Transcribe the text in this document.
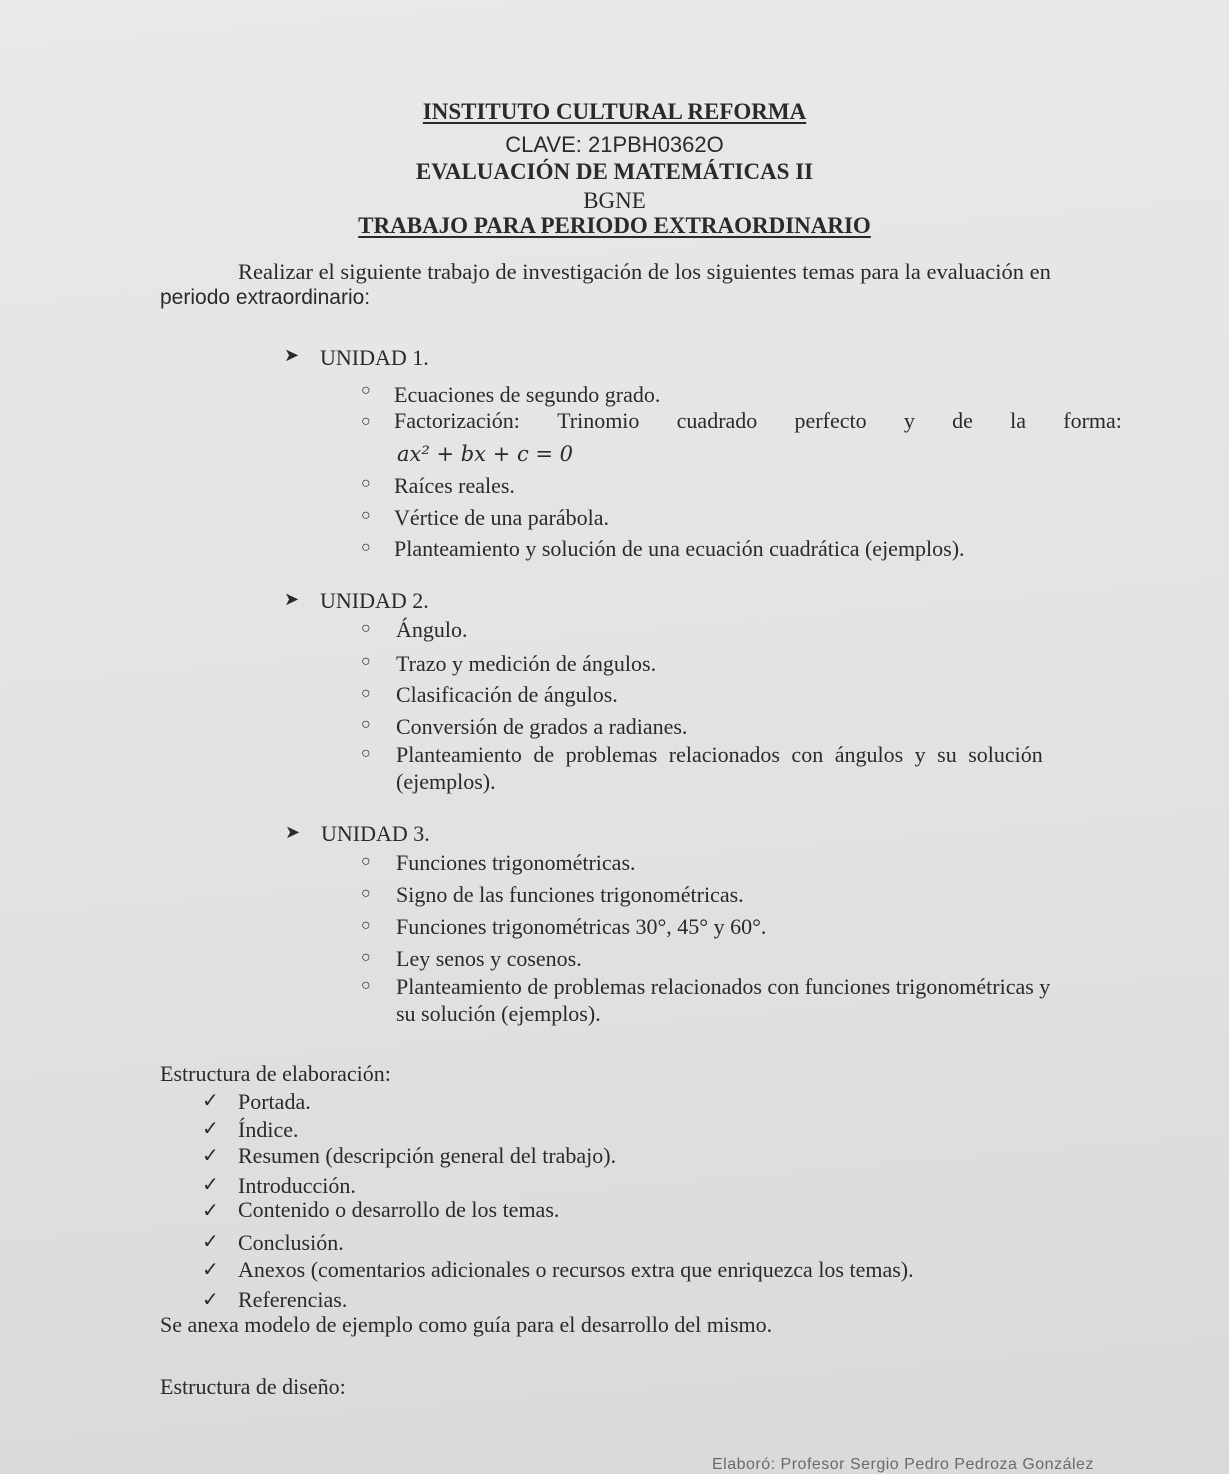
INSTITUTO CULTURAL REFORMA
CLAVE: 21PBH0362O
EVALUACIÓN DE MATEMÁTICAS II
BGNE
TRABAJO PARA PERIODO EXTRAORDINARIO
Realizar el siguiente trabajo de investigación de los siguientes temas para la evaluación en
periodo extraordinario:
➤ UNIDAD 1.
○ Ecuaciones de segundo grado.
○ Factorización: Trinomio cuadrado perfecto y de la forma:
ax² + bx + c = 0
○ Raíces reales.
○ Vértice de una parábola.
○ Planteamiento y solución de una ecuación cuadrática (ejemplos).
➤ UNIDAD 2.
○ Ángulo.
○ Trazo y medición de ángulos.
○ Clasificación de ángulos.
○ Conversión de grados a radianes.
○ Planteamiento de problemas relacionados con ángulos y su solución
(ejemplos).
➤ UNIDAD 3.
○ Funciones trigonométricas.
○ Signo de las funciones trigonométricas.
○ Funciones trigonométricas 30°, 45° y 60°.
○ Ley senos y cosenos.
○ Planteamiento de problemas relacionados con funciones trigonométricas y
su solución (ejemplos).
Estructura de elaboración:
✓ Portada.
✓ Índice.
✓ Resumen (descripción general del trabajo).
✓ Introducción.
✓ Contenido o desarrollo de los temas.
✓ Conclusión.
✓ Anexos (comentarios adicionales o recursos extra que enriquezca los temas).
✓ Referencias.
Se anexa modelo de ejemplo como guía para el desarrollo del mismo.
Estructura de diseño:
Elaboró: Profesor Sergio Pedro Pedroza González
